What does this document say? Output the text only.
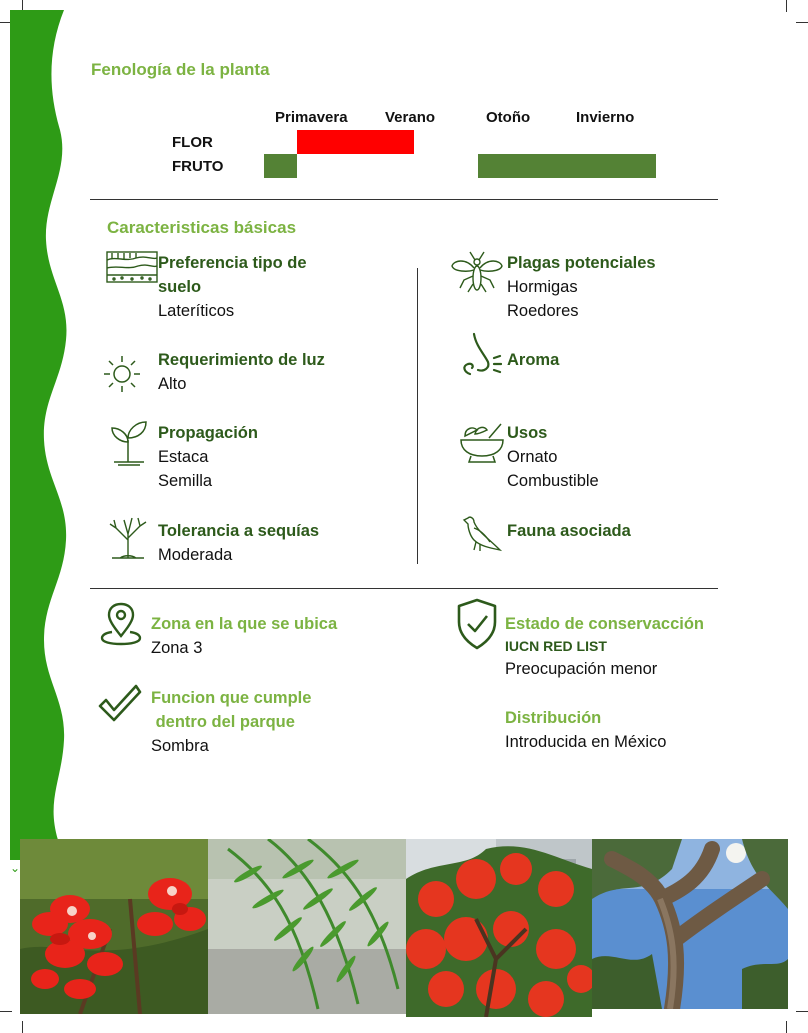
⌄
Fenología de la planta
Primavera Verano	Otoño	Invierno
FLOR
FRUTO
Caracteristicas básicas
Preferencia tipo de
suelo
Lateríticos
Requerimiento de luz
Alto
Propagación
Estaca
Semilla
Tolerancia a sequías
Moderada
Plagas potenciales
Hormigas
Roedores
Aroma
Usos
Ornato
Combustible
Fauna asociada
Zona en la que se ubica
Zona 3
Funcion que cumple
dentro del parque
Sombra
Estado de conservacción
IUCN RED LIST
Preocupación menor
Distribución
Introducida en México
